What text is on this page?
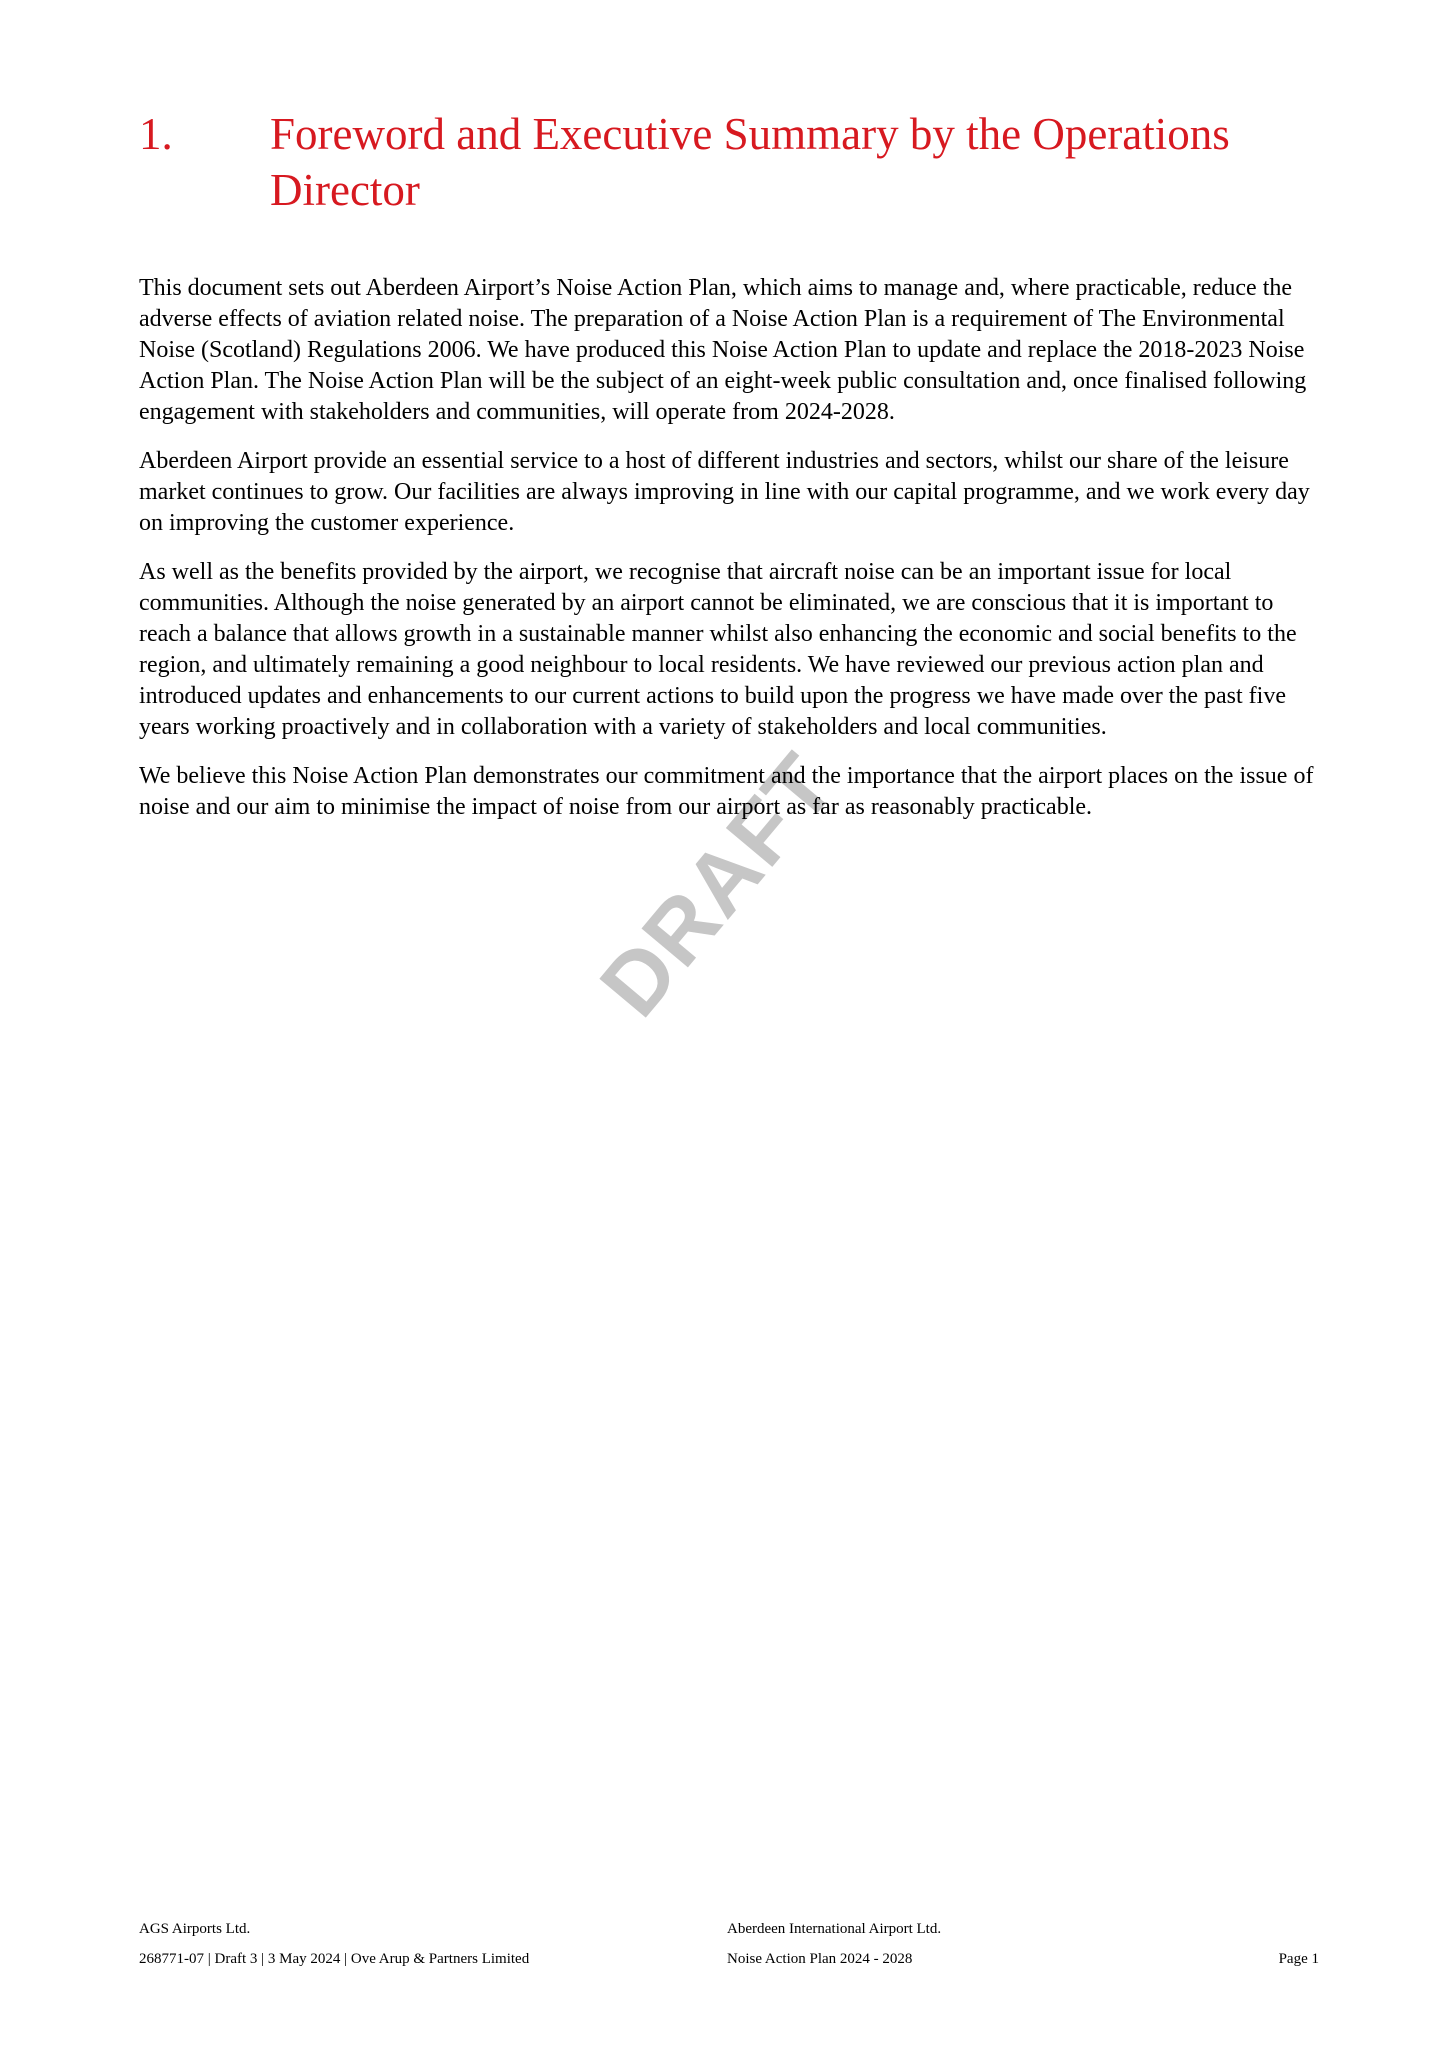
1.	Foreword and Executive Summary by the Operations Director
DRAFT

This document sets out Aberdeen Airport’s Noise Action Plan, which aims to manage and, where practicable, reduce the adverse effects of aviation related noise. The preparation of a Noise Action Plan is a requirement of The Environmental Noise (Scotland) Regulations 2006. We have produced this Noise Action Plan to update and replace the 2018-2023 Noise Action Plan. The Noise Action Plan will be the subject of an eight-week public consultation and, once finalised following engagement with stakeholders and communities, will operate from 2024-2028.

Aberdeen Airport provide an essential service to a host of different industries and sectors, whilst our share of the leisure market continues to grow. Our facilities are always improving in line with our capital programme, and we work every day on improving the customer experience.

As well as the benefits provided by the airport, we recognise that aircraft noise can be an important issue for local communities. Although the noise generated by an airport cannot be eliminated, we are conscious that it is important to reach a balance that allows growth in a sustainable manner whilst also enhancing the economic and social benefits to the region, and ultimately remaining a good neighbour to local residents. We have reviewed our previous action plan and introduced updates and enhancements to our current actions to build upon the progress we have made over the past five years working proactively and in collaboration with a variety of stakeholders and local communities.

We believe this Noise Action Plan demonstrates our commitment and the importance that the airport places on the issue of noise and our aim to minimise the impact of noise from our airport as far as reasonably practicable.

AGS Airports Ltd.	Aberdeen International Airport Ltd.
268771-07 | Draft 3 | 3 May 2024 | Ove Arup & Partners Limited	Noise Action Plan 2024 - 2028	Page 1
